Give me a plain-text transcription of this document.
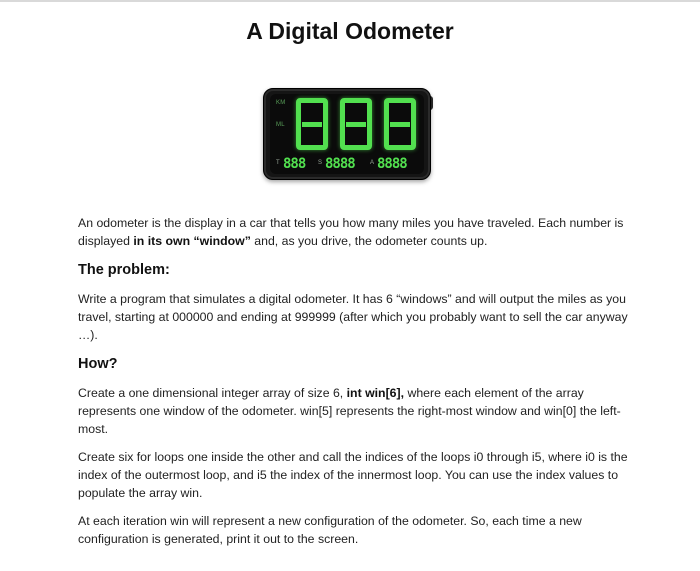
A Digital Odometer
KM
ML
T 888 S 8888	A 8888

An odometer is the display in a car that tells you how many miles you have traveled. Each number is displayed in its own “window” and, as you drive, the odometer counts up.

The problem:

Write a program that simulates a digital odometer. It has 6 “windows” and will output the miles as you travel, starting at 000000 and ending at 999999 (after which you probably want to sell the car anyway …).

How?

Create a one dimensional integer array of size 6, int win[6], where each element of the array represents one window of the odometer. win[5] represents the right-most window and win[0] the left-most.

Create six for loops one inside the other and call the indices of the loops i0 through i5, where i0 is the index of the outermost loop, and i5 the index of the innermost loop. You can use the index values to populate the array win.

At each iteration win will represent a new configuration of the odometer. So, each time a new configuration is generated, print it out to the screen.
